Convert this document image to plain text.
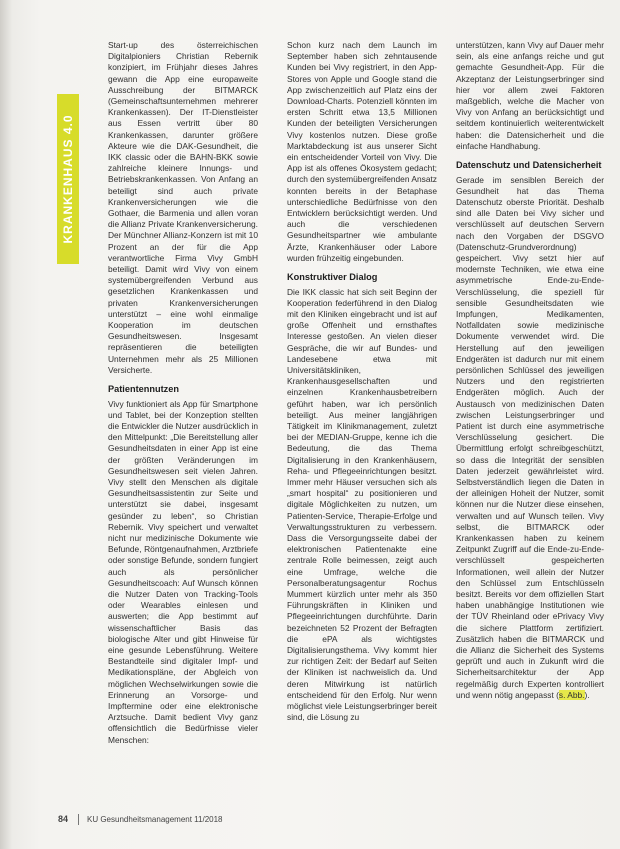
KRANKENHAUS 4.0

Start-up des österreichischen Digitalpioniers Christian Rebernik konzipiert, im Frühjahr dieses Jahres gewann die App eine europaweite Ausschreibung der BITMARCK (Gemeinschaftsunternehmen mehrerer Krankenkassen). Der IT-Dienstleister aus Essen vertritt über 80 Krankenkassen, darunter größere Akteure wie die DAK-Gesundheit, die IKK classic oder die BAHN-BKK sowie zahlreiche kleinere Innungs- und Betriebskrankenkassen. Von Anfang an beteiligt sind auch private Krankenversicherungen wie die Gothaer, die Barmenia und allen voran die Allianz Private Krankenversicherung. Der Münchner Allianz-Konzern ist mit 10 Prozent an der für die App verantwortliche Firma Vivy GmbH beteiligt. Damit wird Vivy von einem systemübergreifenden Verbund aus gesetzlichen Krankenkassen und privaten Krankenversicherungen unterstützt – eine wohl einmalige Kooperation im deutschen Gesundheitswesen. Insgesamt repräsentieren die beteiligten Unternehmen mehr als 25 Millionen Versicherte.

Patientennutzen

Vivy funktioniert als App für Smartphone und Tablet, bei der Konzeption stellten die Entwickler die Nutzer ausdrücklich in den Mittelpunkt: „Die Bereitstellung aller Gesundheitsdaten in einer App ist eine der größten Veränderungen im Gesundheitswesen seit vielen Jahren. Vivy stellt den Menschen als digitale Gesundheitsassistentin zur Seite und unterstützt sie dabei, insgesamt gesünder zu leben“, so Christian Rebernik. Vivy speichert und verwaltet nicht nur medizinische Dokumente wie Befunde, Röntgenaufnahmen, Arztbriefe oder sonstige Befunde, sondern fungiert auch als persönlicher Gesundheitscoach: Auf Wunsch können die Nutzer Daten von Tracking-Tools oder Wearables einlesen und auswerten; die App bestimmt auf wissenschaftlicher Basis das biologische Alter und gibt Hinweise für eine gesunde Lebensführung. Weitere Bestandteile sind digitaler Impf- und Medikationspläne, der Abgleich von möglichen Wechselwirkungen sowie die Erinnerung an Vorsorge- und Impftermine oder eine elektronische Arztsuche. Damit bedient Vivy ganz offensichtlich die Bedürfnisse vieler Menschen:

Schon kurz nach dem Launch im September haben sich zehntausende Kunden bei Vivy registriert, in den App-Stores von Apple und Google stand die App zwischenzeitlich auf Platz eins der Download-Charts. Potenziell könnten im ersten Schritt etwa 13,5 Millionen Kunden der beteiligten Versicherungen Vivy kostenlos nutzen. Diese große Marktabdeckung ist aus unserer Sicht ein entscheidender Vorteil von Vivy. Die App ist als offenes Ökosystem gedacht; durch den systemübergreifenden Ansatz konnten bereits in der Betaphase unterschiedliche Bedürfnisse von den Entwicklern berücksichtigt werden. Und auch die verschiedenen Gesundheitspartner wie ambulante Ärzte, Krankenhäuser oder Labore wurden frühzeitig eingebunden.

Konstruktiver Dialog

Die IKK classic hat sich seit Beginn der Kooperation federführend in den Dialog mit den Kliniken eingebracht und ist auf große Offenheit und ernsthaftes Interesse gestoßen. An vielen dieser Gespräche, die wir auf Bundes- und Landesebene etwa mit Universitätskliniken, Krankenhausgesellschaften und einzelnen Krankenhausbetreibern geführt haben, war ich persönlich beteiligt. Aus meiner langjährigen Tätigkeit im Klinikmanagement, zuletzt bei der MEDIAN-Gruppe, kenne ich die Bedeutung, die das Thema Digitalisierung in den Krankenhäusern, Reha- und Pflegeeinrichtungen besitzt. Immer mehr Häuser versuchen sich als „smart hospital“ zu positionieren und digitale Möglichkeiten zu nutzen, um Patienten-Service, Therapie-Erfolge und Verwaltungsstrukturen zu verbessern. Dass die Versorgungsseite dabei der elektronischen Patientenakte eine zentrale Rolle beimessen, zeigt auch eine Umfrage, welche die Personalberatungsagentur Rochus Mummert kürzlich unter mehr als 350 Führungskräften in Kliniken und Pflegeeinrichtungen durchführte. Darin bezeichneten 52 Prozent der Befragten die ePA als wichtigstes Digitalisierungsthema. Vivy kommt hier zur richtigen Zeit: der Bedarf auf Seiten der Kliniken ist nachweislich da. Und deren Mitwirkung ist natürlich entscheidend für den Erfolg. Nur wenn möglichst viele Leistungserbringer bereit sind, die Lösung zu

unterstützen, kann Vivy auf Dauer mehr sein, als eine anfangs reiche und gut gemachte Gesundheit-App. Für die Akzeptanz der Leistungserbringer sind hier vor allem zwei Faktoren maßgeblich, welche die Macher von Vivy von Anfang an berücksichtigt und seitdem kontinuierlich weiterentwickelt haben: die Datensicherheit und die einfache Handhabung.

Datenschutz und Datensicherheit

Gerade im sensiblen Bereich der Gesundheit hat das Thema Datenschutz oberste Priorität. Deshalb sind alle Daten bei Vivy sicher und verschlüsselt auf deutschen Servern nach den Vorgaben der DSGVO (Datenschutz-Grundverordnung) gespeichert. Vivy setzt hier auf modernste Techniken, wie etwa eine asymmetrische Ende-zu-Ende-Verschlüsselung, die speziell für sensible Gesundheitsdaten wie Impfungen, Medikamenten, Notfalldaten sowie medizinische Dokumente verwendet wird. Die Herstellung auf den jeweiligen Endgeräten ist dadurch nur mit einem persönlichen Schlüssel des jeweiligen Nutzers und den registrierten Endgeräten möglich. Auch der Austausch von medizinischen Daten zwischen Leistungserbringer und Patient ist durch eine asymmetrische Verschlüsselung gesichert. Die Übermittlung erfolgt schreibgeschützt, so dass die Integrität der sensiblen Daten jederzeit gewährleistet wird. Selbstverständlich liegen die Daten in der alleinigen Hoheit der Nutzer, somit können nur die Nutzer diese einsehen, verwalten und auf Wunsch teilen. Vivy selbst, die BITMARCK oder Krankenkassen haben zu keinem Zeitpunkt Zugriff auf die Ende-zu-Ende-verschlüsselt gespeicherten Informationen, weil allein der Nutzer den Schlüssel zum Entschlüsseln besitzt. Bereits vor dem offiziellen Start haben unabhängige Institutionen wie der TÜV Rheinland oder ePrivacy Vivy die sichere Plattform zertifiziert. Zusätzlich haben die BITMARCK und die Allianz die Sicherheit des Systems geprüft und auch in Zukunft wird die Sicherheitsarchitektur der App regelmäßig durch Experten kontrolliert und wenn nötig angepasst (s. Abb.).

84 KU Gesundheitsmanagement 11/2018
